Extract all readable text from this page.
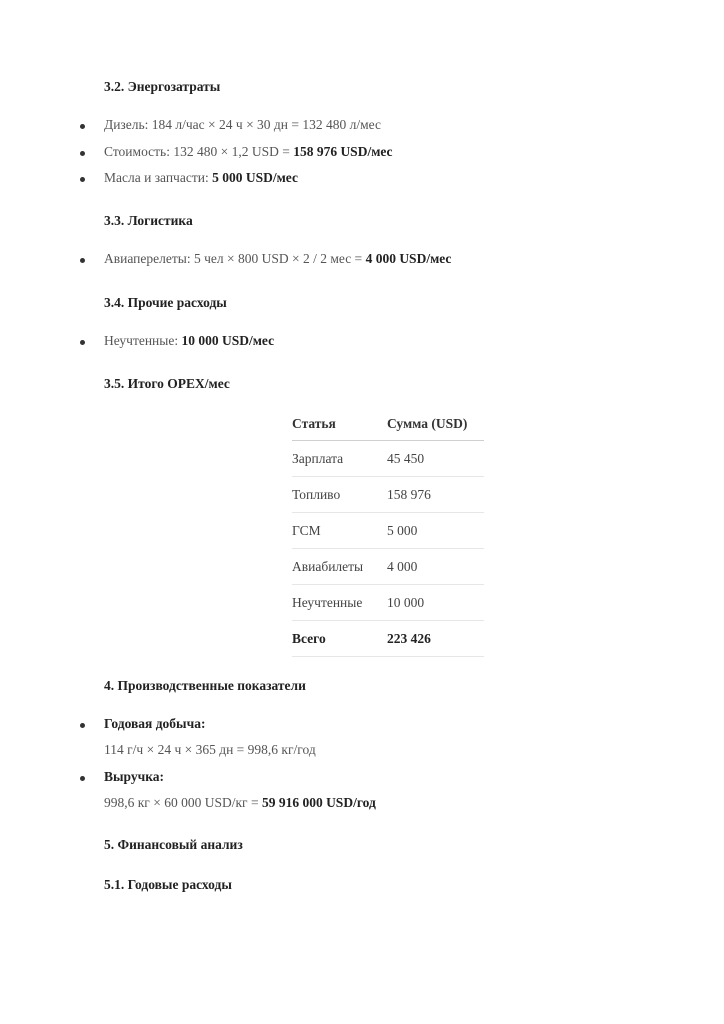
3.2. Энергозатраты
Дизель: 184 л/час × 24 ч × 30 дн = 132 480 л/мес
Стоимость: 132 480 × 1,2 USD = 158 976 USD/мес
Масла и запчасти: 5 000 USD/мес
3.3. Логистика
Авиаперелеты: 5 чел × 800 USD × 2 / 2 мес = 4 000 USD/мес
3.4. Прочие расходы
Неучтенные: 10 000 USD/мес
3.5. Итого OPEX/мес
Статья	Сумма (USD)
Зарплата	45 450
Топливо	158 976
ГСМ	5 000
Авиабилеты	4 000
Неучтенные	10 000
Всего	223 426
4. Производственные показатели
Годовая добыча:
114 г/ч × 24 ч × 365 дн = 998,6 кг/год
Выручка:
998,6 кг × 60 000 USD/кг = 59 916 000 USD/год
5. Финансовый анализ
5.1. Годовые расходы
